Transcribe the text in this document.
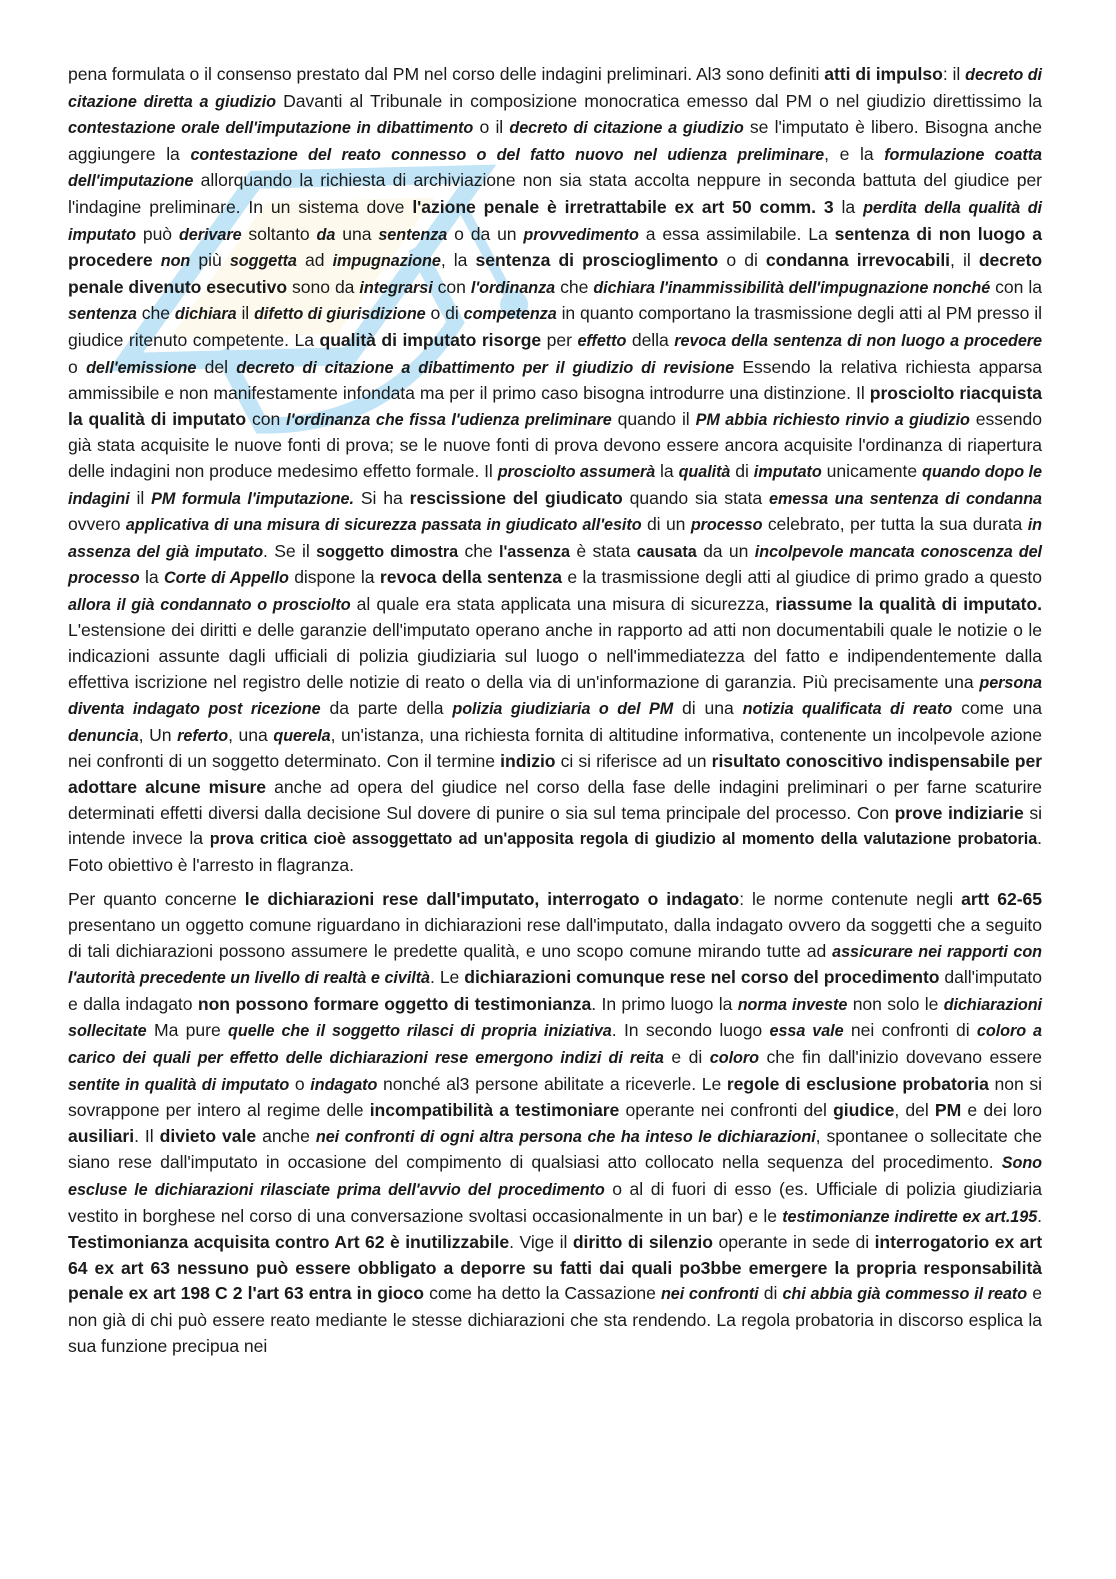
pena formulata o il consenso prestato dal PM nel corso delle indagini preliminari. Al3 sono definiti atti di impulso: il decreto di citazione diretta a giudizio Davanti al Tribunale in composizione monocratica emesso dal PM o nel giudizio direttissimo la contestazione orale dell'imputazione in dibattimento o il decreto di citazione a giudizio se l'imputato è libero. Bisogna anche aggiungere la contestazione del reato connesso o del fatto nuovo nel udienza preliminare, e la formulazione coatta dell'imputazione allorquando la richiesta di archiviazione non sia stata accolta neppure in seconda battuta del giudice per l'indagine preliminare. In un sistema dove l'azione penale è irretrattabile ex art 50 comm. 3 la perdita della qualità di imputato può derivare soltanto da una sentenza o da un provvedimento a essa assimilabile. La sentenza di non luogo a procedere non più soggetta ad impugnazione, la sentenza di proscioglimento o di condanna irrevocabili, il decreto penale divenuto esecutivo sono da integrarsi con l'ordinanza che dichiara l'inammissibilità dell'impugnazione nonché con la sentenza che dichiara il difetto di giurisdizione o di competenza in quanto comportano la trasmissione degli atti al PM presso il giudice ritenuto competente. La qualità di imputato risorge per effetto della revoca della sentenza di non luogo a procedere o dell'emissione del decreto di citazione a dibattimento per il giudizio di revisione Essendo la relativa richiesta apparsa ammissibile e non manifestamente infondata ma per il primo caso bisogna introdurre una distinzione. Il prosciolto riacquista la qualità di imputato con l'ordinanza che fissa l'udienza preliminare quando il PM abbia richiesto rinvio a giudizio essendo già stata acquisite le nuove fonti di prova; se le nuove fonti di prova devono essere ancora acquisite l'ordinanza di riapertura delle indagini non produce medesimo effetto formale. Il prosciolto assumerà la qualità di imputato unicamente quando dopo le indagini il PM formula l'imputazione. Si ha rescissione del giudicato quando sia stata emessa una sentenza di condanna ovvero applicativa di una misura di sicurezza passata in giudicato all'esito di un processo celebrato, per tutta la sua durata in assenza del già imputato. Se il soggetto dimostra che l'assenza è stata causata da un incolpevole mancata conoscenza del processo la Corte di Appello dispone la revoca della sentenza e la trasmissione degli atti al giudice di primo grado a questo allora il già condannato o prosciolto al quale era stata applicata una misura di sicurezza, riassume la qualità di imputato. L'estensione dei diritti e delle garanzie dell'imputato operano anche in rapporto ad atti non documentabili quale le notizie o le indicazioni assunte dagli ufficiali di polizia giudiziaria sul luogo o nell'immediatezza del fatto e indipendentemente dalla effettiva iscrizione nel registro delle notizie di reato o della via di un'informazione di garanzia. Più precisamente una persona diventa indagato post ricezione da parte della polizia giudiziaria o del PM di una notizia qualificata di reato come una denuncia, Un referto, una querela, un'istanza, una richiesta fornita di altitudine informativa, contenente un incolpevole azione nei confronti di un soggetto determinato. Con il termine indizio ci si riferisce ad un risultato conoscitivo indispensabile per adottare alcune misure anche ad opera del giudice nel corso della fase delle indagini preliminari o per farne scaturire determinati effetti diversi dalla decisione Sul dovere di punire o sia sul tema principale del processo. Con prove indiziarie si intende invece la prova critica cioè assoggettato ad un'apposita regola di giudizio al momento della valutazione probatoria. Foto obiettivo è l'arresto in flagranza.

Per quanto concerne le dichiarazioni rese dall'imputato, interrogato o indagato: le norme contenute negli artt 62-65 presentano un oggetto comune riguardano in dichiarazioni rese dall'imputato, dalla indagato ovvero da soggetti che a seguito di tali dichiarazioni possono assumere le predette qualità, e uno scopo comune mirando tutte ad assicurare nei rapporti con l'autorità precedente un livello di realtà e civiltà. Le dichiarazioni comunque rese nel corso del procedimento dall'imputato e dalla indagato non possono formare oggetto di testimonianza. In primo luogo la norma investe non solo le dichiarazioni sollecitate Ma pure quelle che il soggetto rilasci di propria iniziativa. In secondo luogo essa vale nei confronti di coloro a carico dei quali per effetto delle dichiarazioni rese emergono indizi di reita e di coloro che fin dall'inizio dovevano essere sentite in qualità di imputato o indagato nonché al3 persone abilitate a riceverle. Le regole di esclusione probatoria non si sovrappone per intero al regime delle incompatibilità a testimoniare operante nei confronti del giudice, del PM e dei loro ausiliari. Il divieto vale anche nei confronti di ogni altra persona che ha inteso le dichiarazioni, spontanee o sollecitate che siano rese dall'imputato in occasione del compimento di qualsiasi atto collocato nella sequenza del procedimento. Sono escluse le dichiarazioni rilasciate prima dell'avvio del procedimento o al di fuori di esso (es. Ufficiale di polizia giudiziaria vestito in borghese nel corso di una conversazione svoltasi occasionalmente in un bar) e le testimonianze indirette ex art.195. Testimonianza acquisita contro Art 62 è inutilizzabile. Vige il diritto di silenzio operante in sede di interrogatorio ex art 64 ex art 63 nessuno può essere obbligato a deporre su fatti dai quali po3bbe emergere la propria responsabilità penale ex art 198 C 2 l'art 63 entra in gioco come ha detto la Cassazione nei confronti di chi abbia già commesso il reato e non già di chi può essere reato mediante le stesse dichiarazioni che sta rendendo. La regola probatoria in discorso esplica la sua funzione precipua nei
